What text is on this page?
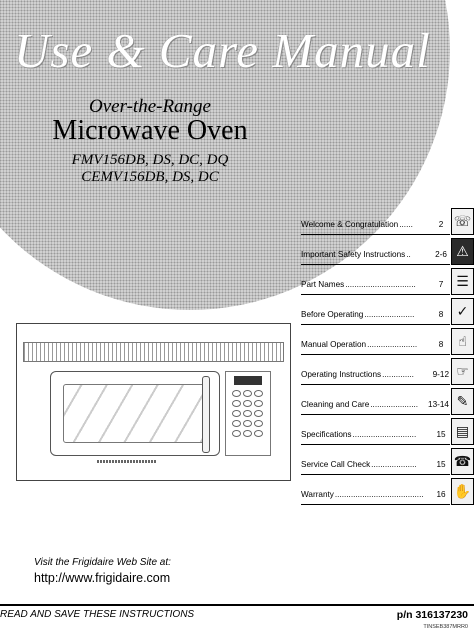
Use & Care Manual
Over-the-Range
Microwave Oven
FMV156DB, DS, DC, DQ
CEMV156DB, DS, DC
Welcome & Congratulation ......	2 ☏
Important Safety Instructions ..	2-6 ⚠
Part Names ...............................	7 ☰
Before Operating ......................	8 ✓
Manual Operation ......................	8	☝
Operating Instructions ..............	9-12 ☞
Cleaning and Care .....................	13-14 ✎
Specifications ............................	15 ▤
Service Call Check ....................	15 ☎
Warranty .......................................	16 ✋
Visit the Frigidaire Web Site at:
http://www.frigidaire.com
READ AND SAVE THESE INSTRUCTIONS	p/n 316137230
TINSEB387MRR0
